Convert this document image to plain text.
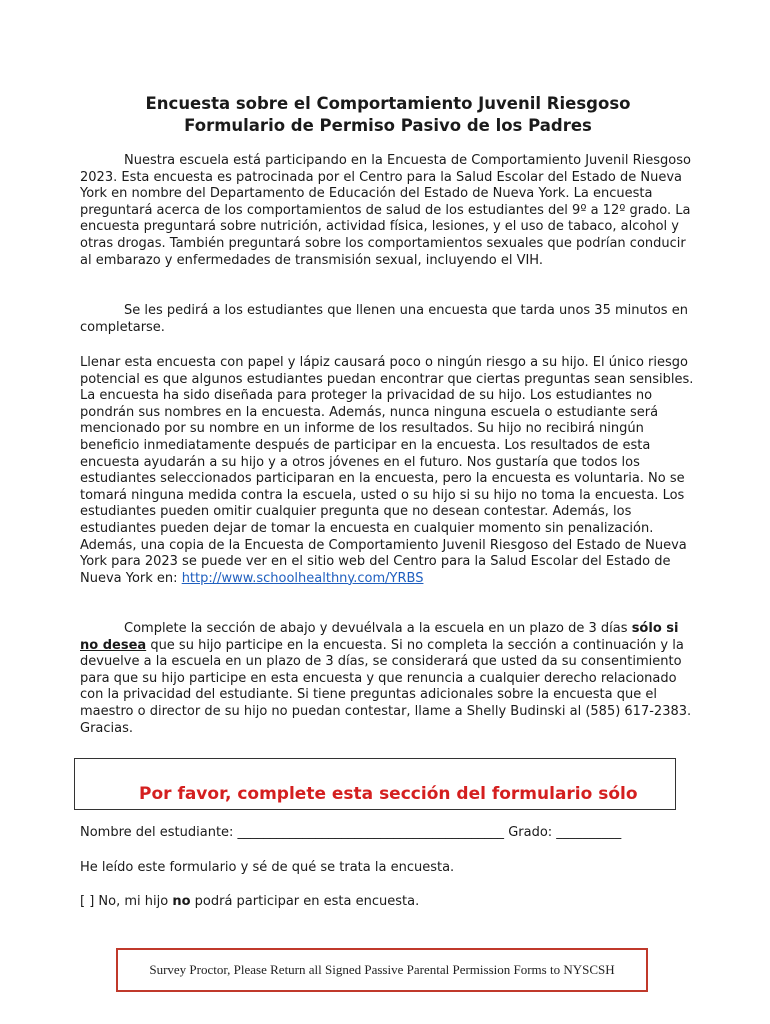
Encuesta sobre el Comportamiento Juvenil Riesgoso
Formulario de Permiso Pasivo de los Padres

Nuestra escuela está participando en la Encuesta de Comportamiento Juvenil Riesgoso 2023. Esta encuesta es patrocinada por el Centro para la Salud Escolar del Estado de Nueva York en nombre del Departamento de Educación del Estado de Nueva York. La encuesta preguntará acerca de los comportamientos de salud de los estudiantes del 9º a 12º grado. La encuesta preguntará sobre nutrición, actividad física, lesiones, y el uso de tabaco, alcohol y otras drogas. También preguntará sobre los comportamientos sexuales que podrían conducir al embarazo y enfermedades de transmisión sexual, incluyendo el VIH.

Se les pedirá a los estudiantes que llenen una encuesta que tarda unos 35 minutos en completarse.

Llenar esta encuesta con papel y lápiz causará poco o ningún riesgo a su hijo. El único riesgo potencial es que algunos estudiantes puedan encontrar que ciertas preguntas sean sensibles. La encuesta ha sido diseñada para proteger la privacidad de su hijo. Los estudiantes no pondrán sus nombres en la encuesta. Además, nunca ninguna escuela o estudiante será mencionado por su nombre en un informe de los resultados. Su hijo no recibirá ningún beneficio inmediatamente después de participar en la encuesta. Los resultados de esta encuesta ayudarán a su hijo y a otros jóvenes en el futuro. Nos gustaría que todos los estudiantes seleccionados participaran en la encuesta, pero la encuesta es voluntaria. No se tomará ninguna medida contra la escuela, usted o su hijo si su hijo no toma la encuesta. Los estudiantes pueden omitir cualquier pregunta que no desean contestar. Además, los estudiantes pueden dejar de tomar la encuesta en cualquier momento sin penalización. Además, una copia de la Encuesta de Comportamiento Juvenil Riesgoso del Estado de Nueva York para 2023 se puede ver en el sitio web del Centro para la Salud Escolar del Estado de Nueva York en: http://www.schoolhealthny.com/YRBS

Complete la sección de abajo y devuélvala a la escuela en un plazo de 3 días sólo si no desea que su hijo participe en la encuesta. Si no completa la sección a continuación y la devuelve a la escuela en un plazo de 3 días, se considerará que usted da su consentimiento para que su hijo participe en esta encuesta y que renuncia a cualquier derecho relacionado con la privacidad del estudiante. Si tiene preguntas adicionales sobre la encuesta que el maestro o director de su hijo no puedan contestar, llame a Shelly Budinski al (585) 617-2383. Gracias.

Por favor, complete esta sección del formulario sólo

Nombre del estudiante: _________________________________________ Grado: __________

He leído este formulario y sé de qué se trata la encuesta.

[ ] No, mi hijo no podrá participar en esta encuesta.

Survey Proctor, Please Return all Signed Passive Parental Permission Forms to NYSCSH
